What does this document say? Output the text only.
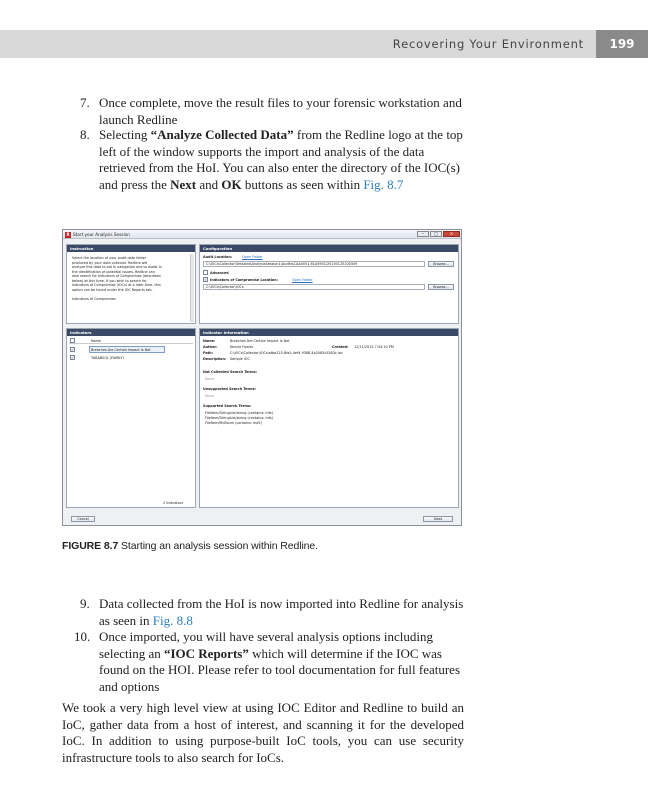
Recovering Your Environment	199
7. Once complete, move the result files to your forensic workstation and launch Redline
8. Selecting “Analyze Collected Data” from the Redline logo at the top left of the window supports the import and analysis of the data retrieved from the HoI. You can also enter the directory of the IOC(s) and press the Next and OK buttons as seen within Fig. 8.7
R Start your Analysis Session	–	□	✕
Instruction
Select the location of your audit data folder
produced by your data collector. Redline will
analyze this data to aid in navigation and to assist in
the identification of potential issues. Redline can
also search for Indicators of Compromise (described
below) at this time. If you wish to search for
Indicators of Compromise (IOCs) at a later time, this
option can be found under the IOC Reports tab.
Indicators of Compromise
Configuration
Audit Location:	Open Folder
C:\IOCs\Collector\Sessions\AnalysisSession1\Audits\CAA0051-61A5901\20150125100359	Browse...
Advanced
✓ Indicators of Compromise Location:	Open Folder
C:\IOCs\Collector\IOCs	Browse...
Indicators
Name
✓	Breaches Are Certain Impact Is Not
✓	TABABSQL (FAMILY)
2 Indicators
Indicator Information
Name:	Breaches Are Certain Impact Is Not
Author:	Kevvie Fowler	Created: 12/11/2015 7:43:10 PM
Path:	C:\IOCs\Collector\IOCs\afba225-8fa5-4ef4-9388-4b2085c5583c.ioc
Description: Sample IOC
Not Collected Search Terms:
None
Unsupported Search Terms:
None
Supported Search Terms:
FileItem/StringList/string (contains: mfs)
FileItem/StringList/string (contains: mfs)
FileItem/Md5sum (contains: md5)
Cancel	Next
FIGURE 8.7 Starting an analysis session within Redline.
9. Data collected from the HoI is now imported into Redline for analysis as seen in Fig. 8.8
10. Once imported, you will have several analysis options including selecting an “IOC Reports” which will determine if the IOC was found on the HOI. Please refer to tool documentation for full features and options
We took a very high level view at using IOC Editor and Redline to build an IoC, gather data from a host of interest, and scanning it for the developed IoC. In addition to using purpose-built IoC tools, you can use security infrastructure tools to also search for IoCs.
